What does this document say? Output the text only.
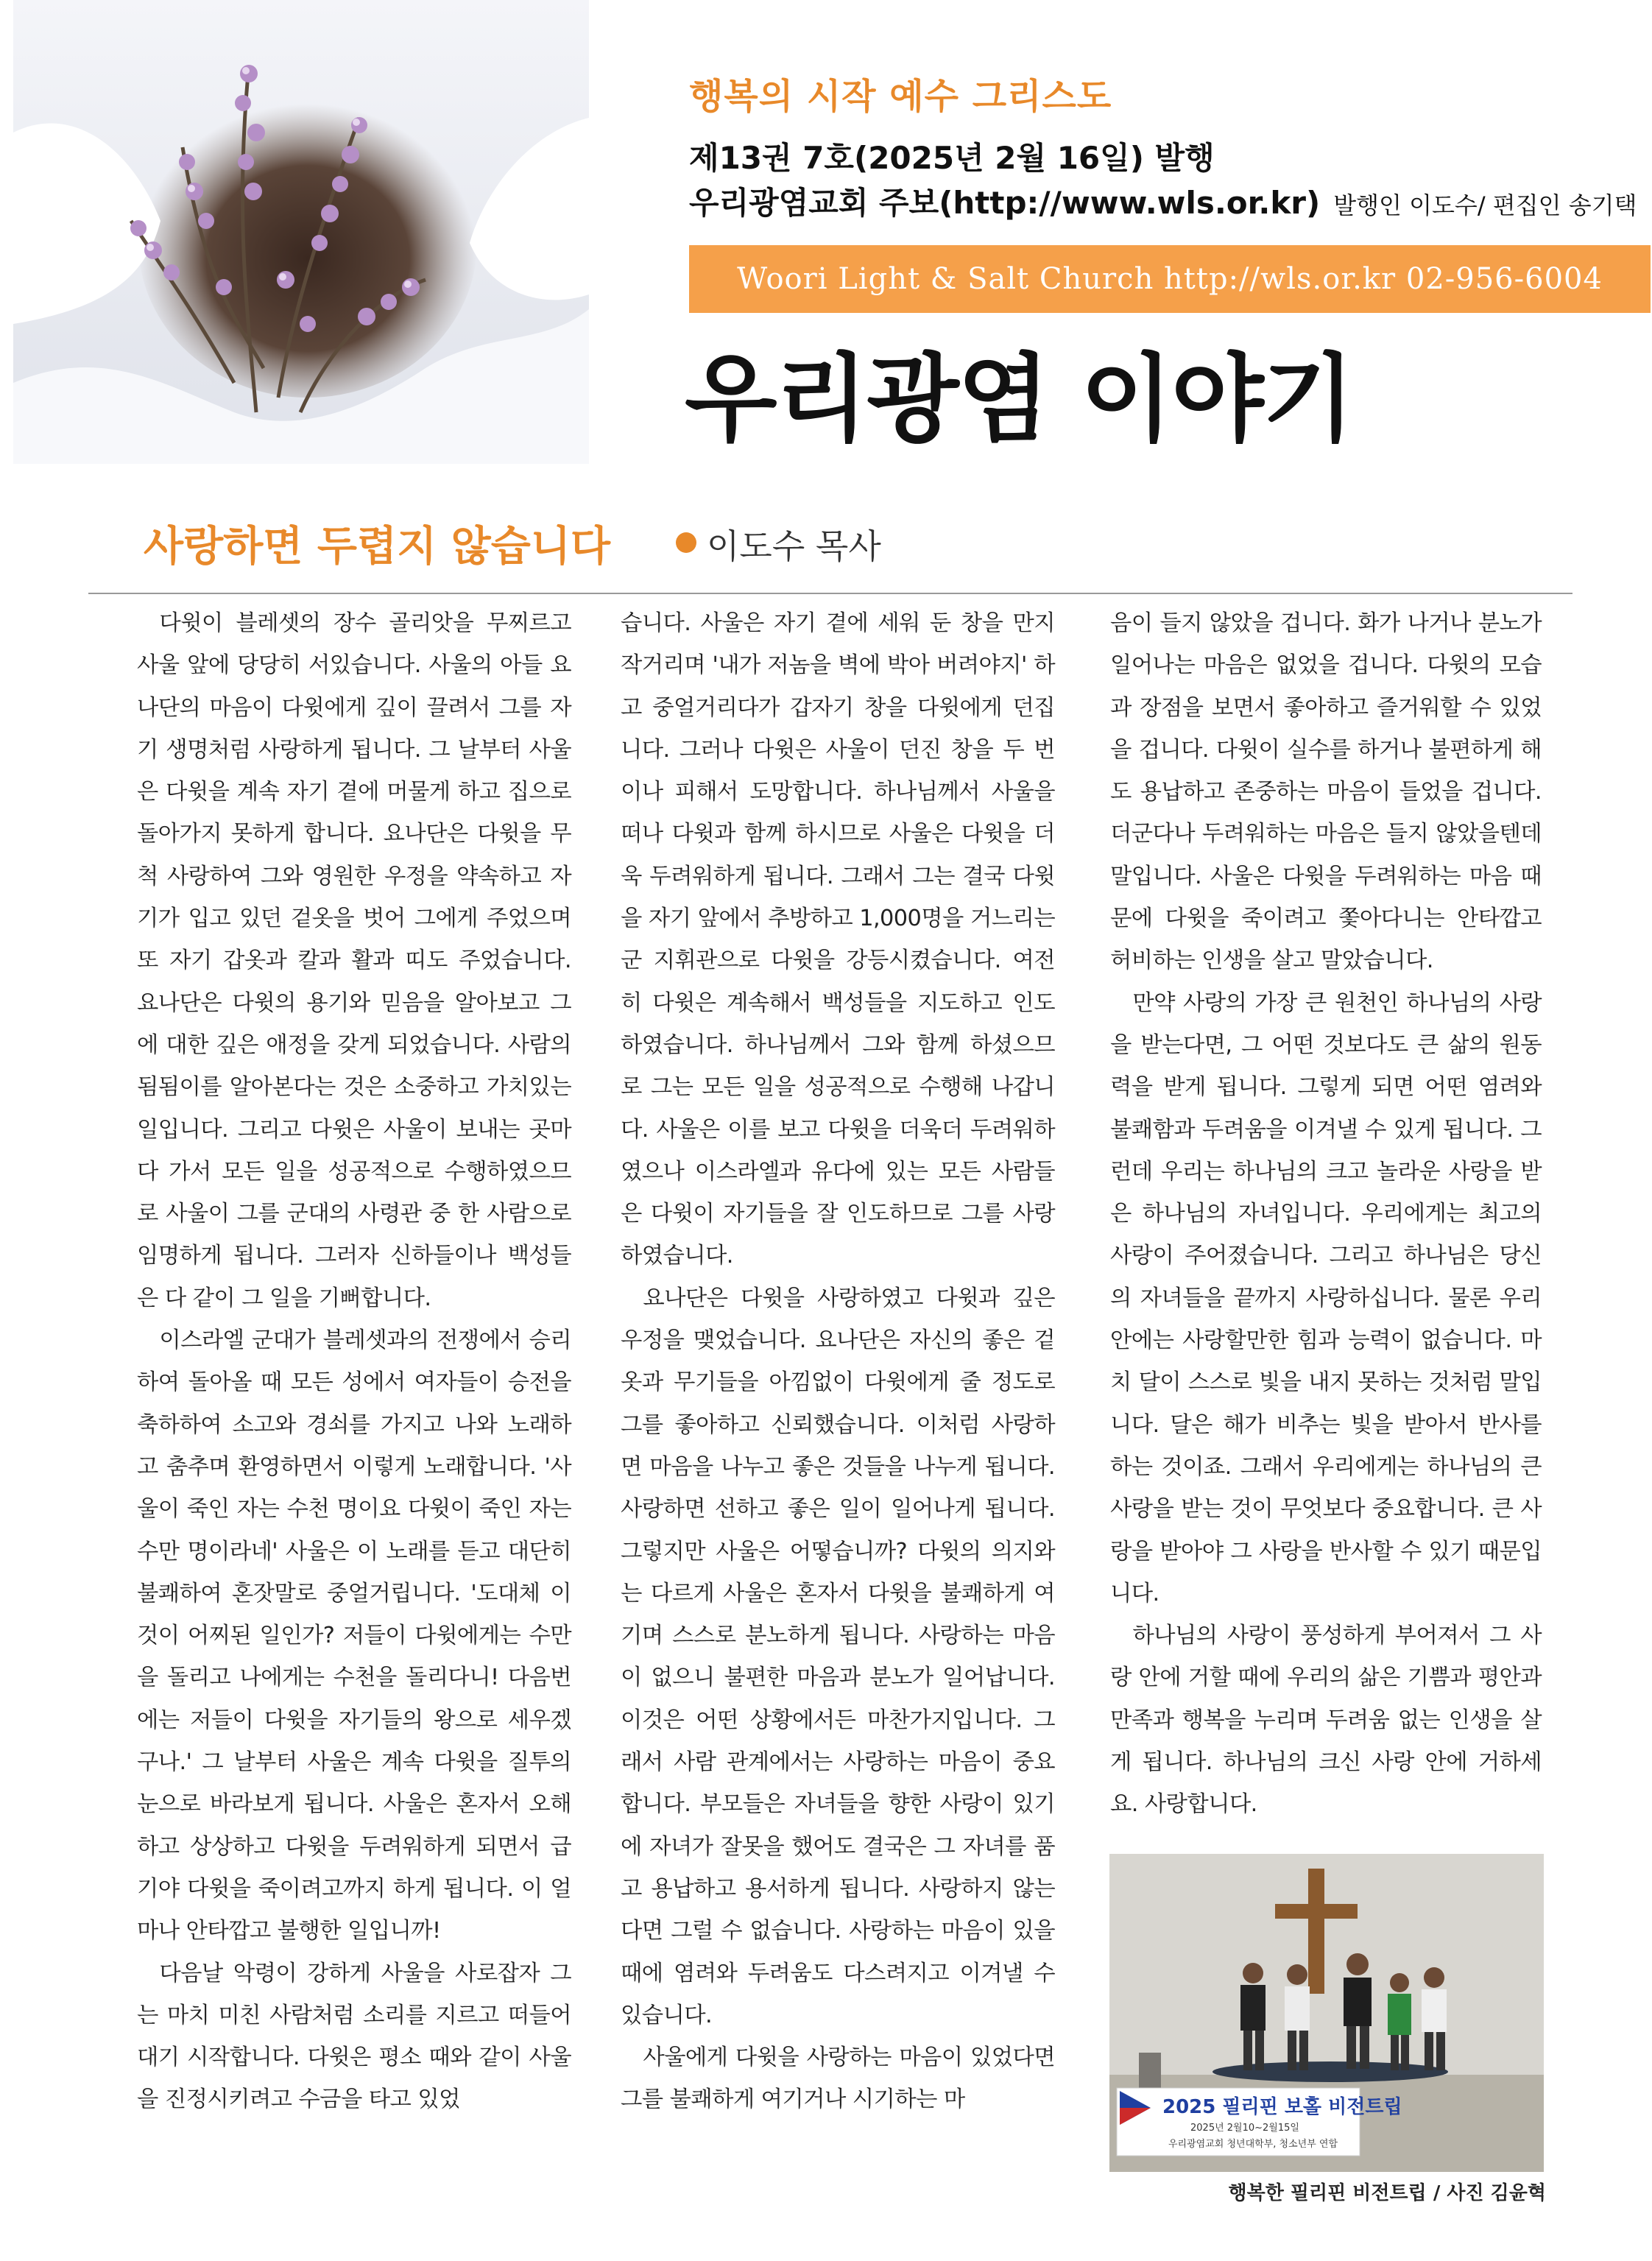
행복의 시작 예수 그리스도
제13권 7호(2025년 2월 16일) 발행
우리광염교회 주보(http://www.wls.or.kr) 발행인 이도수/ 편집인 송기택
Woori Light & Salt Church http://wls.or.kr 02-956-6004
우리광염 이야기
사랑하면 두렵지 않습니다	이도수 목사

다윗이 블레셋의 장수 골리앗을 무찌르고 사울 앞에 당당히 서있습니다. 사울의 아들 요나단의 마음이 다윗에게 깊이 끌려서 그를 자기 생명처럼 사랑하게 됩니다. 그 날부터 사울은 다윗을 계속 자기 곁에 머물게 하고 집으로 돌아가지 못하게 합니다. 요나단은 다윗을 무척 사랑하여 그와 영원한 우정을 약속하고 자기가 입고 있던 겉옷을 벗어 그에게 주었으며 또 자기 갑옷과 칼과 활과 띠도 주었습니다. 요나단은 다윗의 용기와 믿음을 알아보고 그에 대한 깊은 애정을 갖게 되었습니다. 사람의 됨됨이를 알아본다는 것은 소중하고 가치있는 일입니다. 그리고 다윗은 사울이 보내는 곳마다 가서 모든 일을 성공적으로 수행하였으므로 사울이 그를 군대의 사령관 중 한 사람으로 임명하게 됩니다. 그러자 신하들이나 백성들은 다 같이 그 일을 기뻐합니다.

이스라엘 군대가 블레셋과의 전쟁에서 승리하여 돌아올 때 모든 성에서 여자들이 승전을 축하하여 소고와 경쇠를 가지고 나와 노래하고 춤추며 환영하면서 이렇게 노래합니다. '사울이 죽인 자는 수천 명이요 다윗이 죽인 자는 수만 명이라네' 사울은 이 노래를 듣고 대단히 불쾌하여 혼잣말로 중얼거립니다. '도대체 이것이 어찌된 일인가? 저들이 다윗에게는 수만을 돌리고 나에게는 수천을 돌리다니! 다음번에는 저들이 다윗을 자기들의 왕으로 세우겠구나.' 그 날부터 사울은 계속 다윗을 질투의 눈으로 바라보게 됩니다. 사울은 혼자서 오해하고 상상하고 다윗을 두려워하게 되면서 급기야 다윗을 죽이려고까지 하게 됩니다. 이 얼마나 안타깝고 불행한 일입니까!

다음날 악령이 강하게 사울을 사로잡자 그는 마치 미친 사람처럼 소리를 지르고 떠들어대기 시작합니다. 다윗은 평소 때와 같이 사울을 진정시키려고 수금을 타고 있었

습니다. 사울은 자기 곁에 세워 둔 창을 만지작거리며 '내가 저놈을 벽에 박아 버려야지' 하고 중얼거리다가 갑자기 창을 다윗에게 던집니다. 그러나 다윗은 사울이 던진 창을 두 번이나 피해서 도망합니다. 하나님께서 사울을 떠나 다윗과 함께 하시므로 사울은 다윗을 더욱 두려워하게 됩니다. 그래서 그는 결국 다윗을 자기 앞에서 추방하고 1,000명을 거느리는 군 지휘관으로 다윗을 강등시켰습니다. 여전히 다윗은 계속해서 백성들을 지도하고 인도하였습니다. 하나님께서 그와 함께 하셨으므로 그는 모든 일을 성공적으로 수행해 나갑니다. 사울은 이를 보고 다윗을 더욱더 두려워하였으나 이스라엘과 유다에 있는 모든 사람들은 다윗이 자기들을 잘 인도하므로 그를 사랑하였습니다.

요나단은 다윗을 사랑하였고 다윗과 깊은 우정을 맺었습니다. 요나단은 자신의 좋은 겉옷과 무기들을 아낌없이 다윗에게 줄 정도로 그를 좋아하고 신뢰했습니다. 이처럼 사랑하면 마음을 나누고 좋은 것들을 나누게 됩니다. 사랑하면 선하고 좋은 일이 일어나게 됩니다. 그렇지만 사울은 어떻습니까? 다윗의 의지와는 다르게 사울은 혼자서 다윗을 불쾌하게 여기며 스스로 분노하게 됩니다. 사랑하는 마음이 없으니 불편한 마음과 분노가 일어납니다. 이것은 어떤 상황에서든 마찬가지입니다. 그래서 사람 관계에서는 사랑하는 마음이 중요합니다. 부모들은 자녀들을 향한 사랑이 있기에 자녀가 잘못을 했어도 결국은 그 자녀를 품고 용납하고 용서하게 됩니다. 사랑하지 않는다면 그럴 수 없습니다. 사랑하는 마음이 있을 때에 염려와 두려움도 다스려지고 이겨낼 수 있습니다.

사울에게 다윗을 사랑하는 마음이 있었다면 그를 불쾌하게 여기거나 시기하는 마

음이 들지 않았을 겁니다. 화가 나거나 분노가 일어나는 마음은 없었을 겁니다. 다윗의 모습과 장점을 보면서 좋아하고 즐거워할 수 있었을 겁니다. 다윗이 실수를 하거나 불편하게 해도 용납하고 존중하는 마음이 들었을 겁니다. 더군다나 두려워하는 마음은 들지 않았을텐데 말입니다. 사울은 다윗을 두려워하는 마음 때문에 다윗을 죽이려고 쫓아다니는 안타깝고 허비하는 인생을 살고 말았습니다.

만약 사랑의 가장 큰 원천인 하나님의 사랑을 받는다면, 그 어떤 것보다도 큰 삶의 원동력을 받게 됩니다. 그렇게 되면 어떤 염려와 불쾌함과 두려움을 이겨낼 수 있게 됩니다. 그런데 우리는 하나님의 크고 놀라운 사랑을 받은 하나님의 자녀입니다. 우리에게는 최고의 사랑이 주어졌습니다. 그리고 하나님은 당신의 자녀들을 끝까지 사랑하십니다. 물론 우리 안에는 사랑할만한 힘과 능력이 없습니다. 마치 달이 스스로 빛을 내지 못하는 것처럼 말입니다. 달은 해가 비추는 빛을 받아서 반사를 하는 것이죠. 그래서 우리에게는 하나님의 큰 사랑을 받는 것이 무엇보다 중요합니다. 큰 사랑을 받아야 그 사랑을 반사할 수 있기 때문입니다.

하나님의 사랑이 풍성하게 부어져서 그 사랑 안에 거할 때에 우리의 삶은 기쁨과 평안과 만족과 행복을 누리며 두려움 없는 인생을 살게 됩니다. 하나님의 크신 사랑 안에 거하세요. 사랑합니다.

2025 필리핀 보홀 비전트립
2025년 2월10~2월15일
우리광염교회 청년대학부, 청소년부 연합
행복한 필리핀 비전트립 / 사진 김윤혁
